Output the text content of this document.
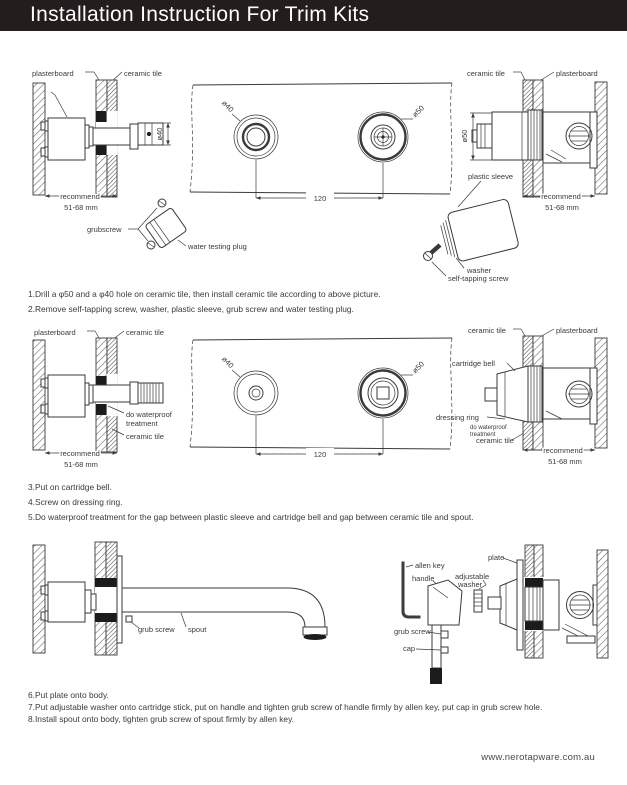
Installation Instruction For Trim Kits
plasterboard	ceramic tile
ø40
recommend
51-68 mm
ø40	ø50
120
grubscrew
water testing plug
ceramic tile	plasterboard
ø50
plastic sleeve
recommend
51-68 mm
washer
self-tapping screw
1.Drill a φ50 and a φ40 hole on ceramic tile, then install ceramic tile according to above picture.
2.Remove self-tapping screw, washer, plastic sleeve, grub screw and water testing plug.
plasterboard	ceramic tile
do waterproof
treatment
ceramic tile
recommend
51-68 mm
ø40	ø50
120
ceramic tile	plasterboard
cartridge bell
dressing ring
do waterproof
treatment
ceramic tile
recommend
51-68 mm
3.Put on cartridge bell.
4.Screw on dressing ring.
5.Do waterproof treatment for the gap between plastic sleeve and cartridge bell and gap between ceramic tile and spout.
grub screw spout
allen key
handle
grub screw
cap
adjustable
washer
plate
6.Put plate onto body.
7.Put adjustable washer onto cartridge stick, put on handle and tighten grub screw of handle firmly by allen key, put cap in grub screw hole.
8.Install spout onto body, tighten grub screw of spout firmly by allen key.
www.nerotapware.com.au
